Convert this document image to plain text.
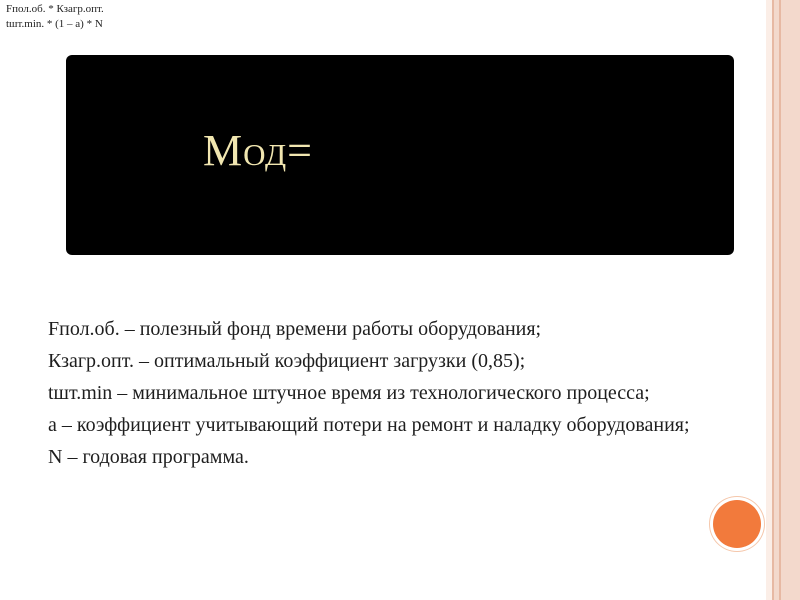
Fпол.об. * Кзагр.опт.
tшт.min. * (1 – a) * N
Mод=
Fпол.об. – полезный фонд времени работы оборудования;
Кзагр.опт. – оптимальный коэффициент загрузки (0,85);
tшт.min – минимальное штучное время из технологического процесса;
a – коэффициент учитывающий потери на ремонт и наладку оборудования;
N – годовая программа.
